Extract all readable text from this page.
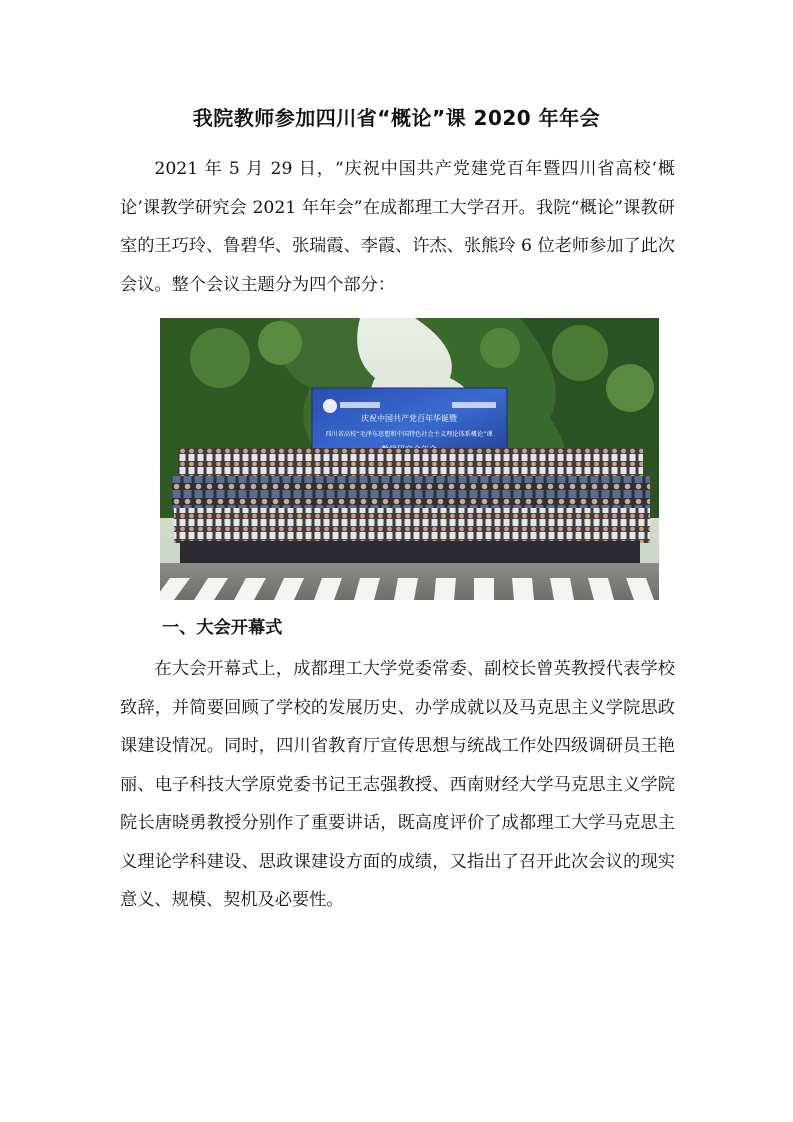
我院教师参加四川省“概论”课 2020 年年会

2021 年 5 月 29 日，“庆祝中国共产党建党百年暨四川省高校‘概论’课教学研究会 2021 年年会”在成都理工大学召开。我院“概论”课教研室的王巧玲、鲁碧华、张瑞霞、李霞、许杰、张熊玲 6 位老师参加了此次会议。整个会议主题分为四个部分：

庆祝中国共产党百年华诞暨
四川省高校“毛泽东思想和中国特色社会主义理论体系概论”课
一、大会开幕式

在大会开幕式上，成都理工大学党委常委、副校长曾英教授代表学校致辞，并简要回顾了学校的发展历史、办学成就以及马克思主义学院思政课建设情况。同时，四川省教育厅宣传思想与统战工作处四级调研员王艳丽、电子科技大学原党委书记王志强教授、西南财经大学马克思主义学院院长唐晓勇教授分别作了重要讲话，既高度评价了成都理工大学马克思主义理论学科建设、思政课建设方面的成绩，又指出了召开此次会议的现实意义、规模、契机及必要性。
